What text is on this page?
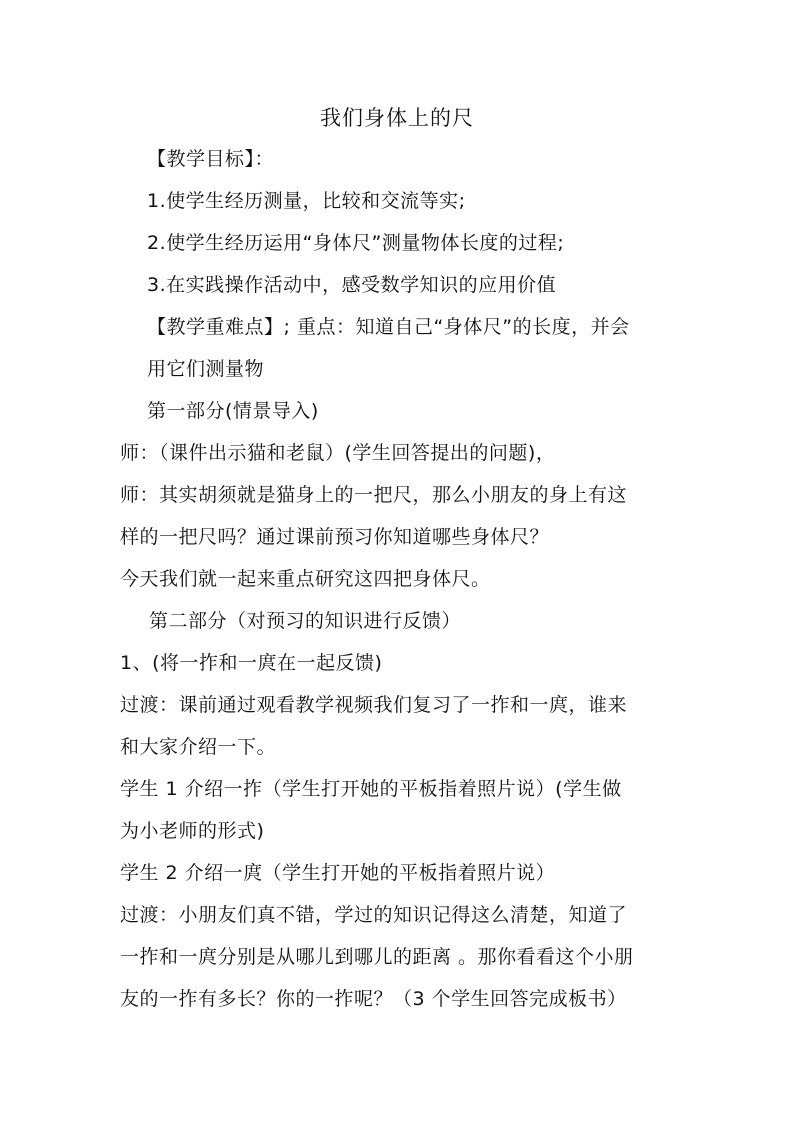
我们身体上的尺
【教学目标】：
1.使学生经历测量，比较和交流等实;
2.使学生经历运用“身体尺”测量物体长度的过程;
3.在实践操作活动中，感受数学知识的应用价值
【教学重难点】; 重点：知道自己“身体尺”的长度，并会
用它们测量物
第一部分(情景导入)
师：（课件出示猫和老鼠）(学生回答提出的问题)，
师：其实胡须就是猫身上的一把尺，那么小朋友的身上有这
样的一把尺吗？通过课前预习你知道哪些身体尺？
今天我们就一起来重点研究这四把身体尺。
第二部分（对预习的知识进行反馈）
1、(将一拃和一庹在一起反馈)
过渡：课前通过观看教学视频我们复习了一拃和一庹，谁来
和大家介绍一下。
学生 1 介绍一拃（学生打开她的平板指着照片说）(学生做
为小老师的形式)
学生 2 介绍一庹（学生打开她的平板指着照片说）
过渡：小朋友们真不错，学过的知识记得这么清楚，知道了
一拃和一庹分别是从哪儿到哪儿的距离 。那你看看这个小朋
友的一拃有多长？你的一拃呢？（3 个学生回答完成板书）
